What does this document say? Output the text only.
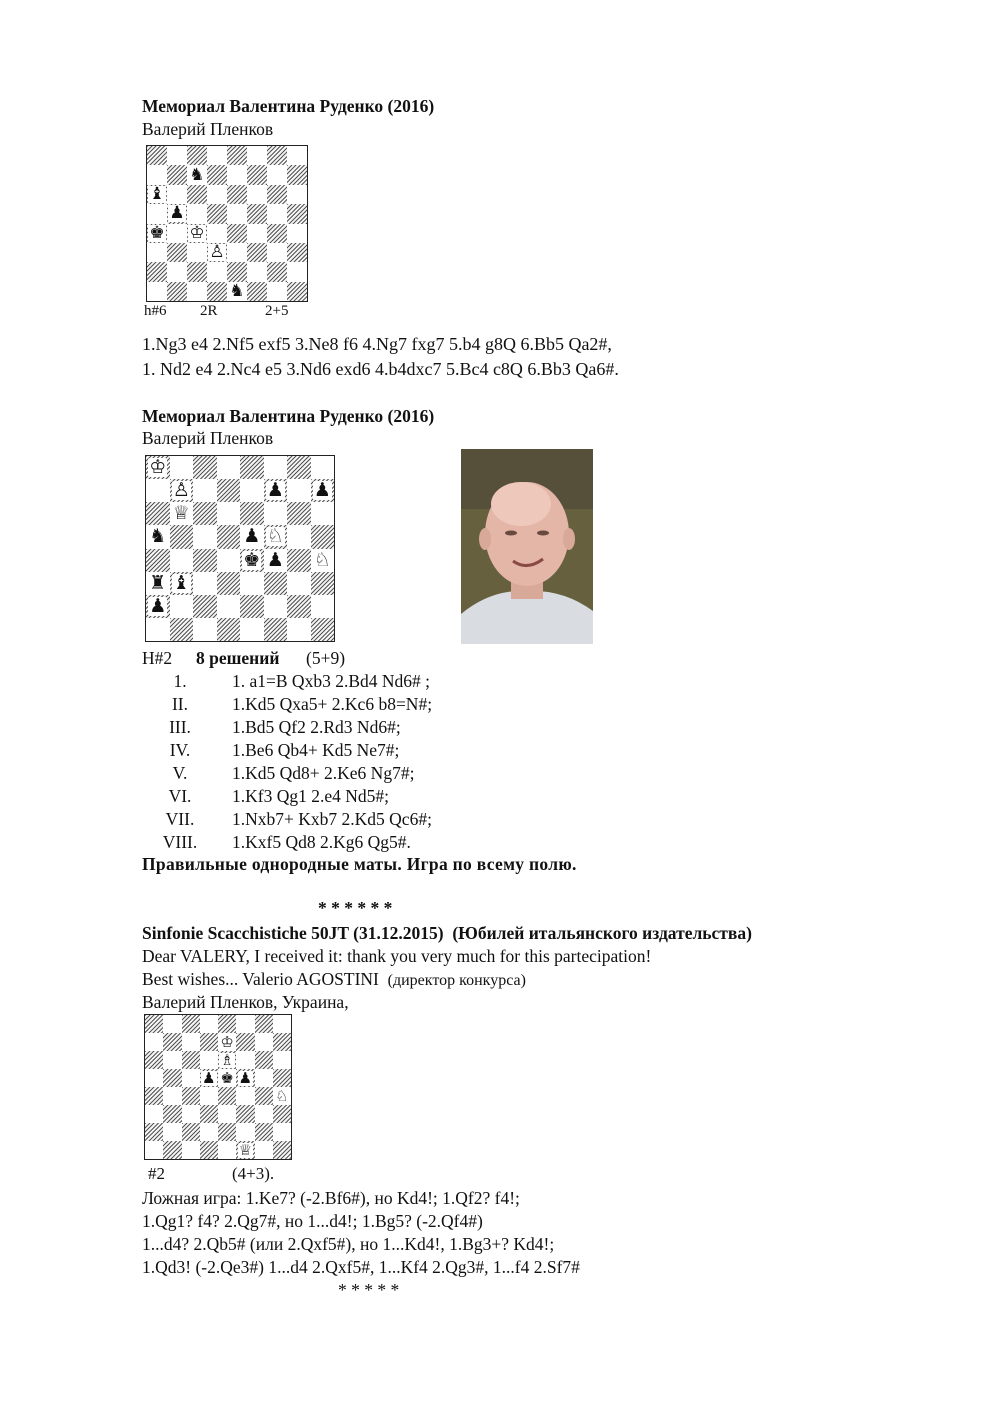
Мемориал Валентина Руденко (2016)
Валерий Пленков
♞
♝
♟
♚ ♔
♙
♞
h#6 2R	2+5
1.Ng3 e4 2.Nf5 exf5 3.Ne8 f6 4.Ng7 fxg7 5.b4 g8Q 6.Bb5 Qa2#,
1. Nd2 e4 2.Nc4 e5 3.Nd6 exd6 4.b4dxc7 5.Bc4 c8Q 6.Bb3 Qa6#.
Мемориал Валентина Руденко (2016)
Валерий Пленков
♔
♙	♟ ♟
♕
♞	♟ ♘
♚ ♟ ♘
♜ ♝
♟
H#2 8 решений (5+9)
1.	1. a1=B Qxb3 2.Bd4 Nd6# ;
II.	1.Kd5 Qxa5+ 2.Kc6 b8=N#;
III.	1.Bd5 Qf2 2.Rd3 Nd6#;
IV.	1.Be6 Qb4+ Kd5 Ne7#;
V.	1.Kd5 Qd8+ 2.Ke6 Ng7#;
VI.	1.Kf3 Qg1 2.e4 Nd5#;
VII.	1.Nxb7+ Kxb7 2.Kd5 Qc6#;
VIII.	1.Kxf5 Qd8 2.Kg6 Qg5#.
Правильные однородные маты. Игра по всему полю.
* * * * * *
Sinfonie Scacchistiche 50JT (31.12.2015) (Юбилей итальянского издательства)
Dear VALERY, I received it: thank you very much for this partecipation!
Best wishes... Valerio AGOSTINI (директор конкурса)
Валерий Пленков, Украина,
♔
♗
♟ ♚ ♟
♘
♕
#2	(4+3).
Ложная игра: 1.Ke7? (-2.Bf6#), но Kd4!; 1.Qf2? f4!;
1.Qg1? f4? 2.Qg7#, но 1...d4!; 1.Bg5? (-2.Qf4#)
1...d4? 2.Qb5# (или 2.Qxf5#), но 1...Kd4!, 1.Bg3+? Kd4!;
1.Qd3! (-2.Qe3#) 1...d4 2.Qxf5#, 1...Kf4 2.Qg3#, 1...f4 2.Sf7#
* * * * *
